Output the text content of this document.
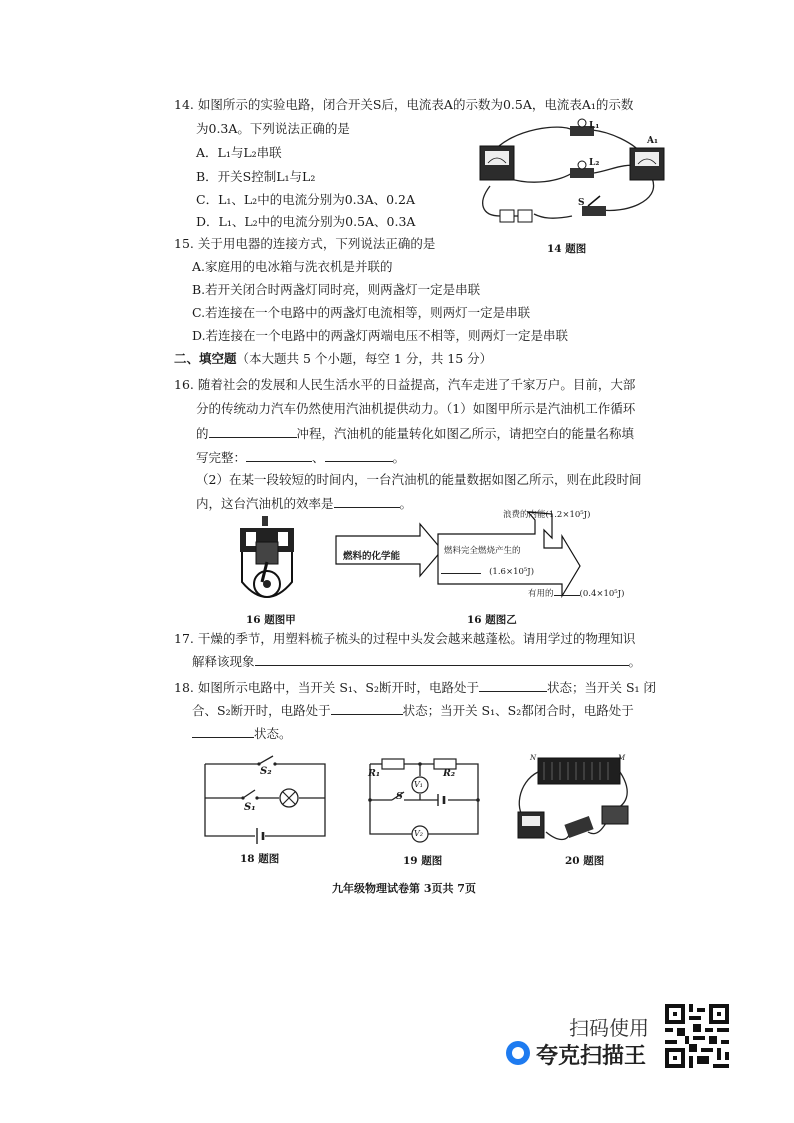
14. 如图所示的实验电路，闭合开关S后，电流表A的示数为0.5A，电流表A₁的示数
为0.3A。下列说法正确的是
A．L₁与L₂串联
B．开关S控制L₁与L₂
C．L₁、L₂中的电流分别为0.3A、0.2A
D．L₁、L₂中的电流分别为0.5A、0.3A
L₁
L₂
A₁
S
14 题图
15. 关于用电器的连接方式，下列说法正确的是
A.家庭用的电冰箱与洗衣机是并联的
B.若开关闭合时两盏灯同时亮，则两盏灯一定是串联
C.若连接在一个电路中的两盏灯电流相等，则两灯一定是串联
D.若连接在一个电路中的两盏灯两端电压不相等，则两灯一定是串联
二、填空题（本大题共 5 个小题，每空 1 分，共 15 分）
16. 随着社会的发展和人民生活水平的日益提高，汽车走进了千家万户。目前，大部
分的传统动力汽车仍然使用汽油机提供动力。（1）如图甲所示是汽油机工作循环
的	冲程，汽油机的能量转化如图乙所示，请把空白的能量名称填
写完整：	、	。
（2）在某一段较短的时间内，一台汽油机的能量数据如图乙所示，则在此段时间
内，这台汽油机的效率是	。
16 题图甲
燃料的化学能	燃料完全燃烧产生的
(1.6×10⁵J)
浪费的内能(1.2×10⁵J)
有用的	(0.4×10⁵J)
16 题图乙
17. 干燥的季节，用塑料梳子梳头的过程中头发会越来越蓬松。请用学过的物理知识
解释该现象	。
18. 如图所示电路中，当开关 S₁、S₂断开时，电路处于	状态；当开关 S₁ 闭
合、S₂断开时，电路处于	状态；当开关 S₁、S₂都闭合时，电路处于
状态。
S₂
S₁
18 题图
R₁	R₂
V₁
V₂
S
19 题图
N	M
20 题图
九年级物理试卷第 3页共 7页
扫码使用
夸克扫描王
